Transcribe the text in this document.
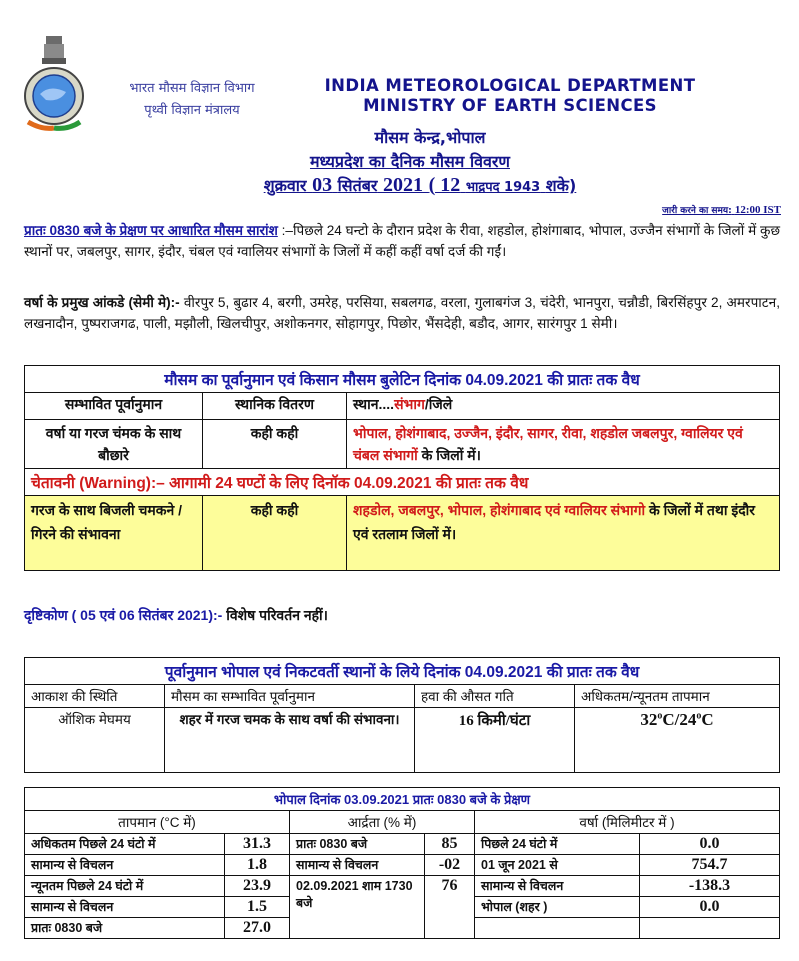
भारत मौसम विज्ञान विभाग
पृथ्वी विज्ञान मंत्रालय
INDIA METEOROLOGICAL DEPARTMENT
MINISTRY OF EARTH SCIENCES
मौसम केन्द्र,भोपाल
मध्यप्रदेश का दैनिक मौसम विवरण
शुक्रवार 03 सितंबर 2021 ( 12 भाद्रपद 1943 शके)
जारी करने का समय: 12:00 IST
प्रातः 0830 बजे के प्रेक्षण पर आधारित मौसम सारांश :–पिछले 24 घन्टो के दौरान प्रदेश के रीवा, शहडोल, होशंगाबाद, भोपाल, उज्जैन संभागों के जिलों में कुछ स्थानों पर, जबलपुर, सागर, इंदौर, चंबल एवं ग्वालियर संभागों के जिलों में कहीं कहीं वर्षा दर्ज की गईं।
वर्षा के प्रमुख आंकडे (सेमी मे):- वीरपुर 5, बुढार 4, बरगी, उमरेह, परसिया, सबलगढ, वरला, गुलाबगंज 3, चंदेरी, भानपुरा, चन्नौडी, बिरसिंहपुर 2, अमरपाटन, लखनादौन, पुष्पराजगढ, पाली, मझौली, खिलचीपुर, अशोकनगर, सोहागपुर, पिछोर, भैंसदेही, बडौद, आगर, सारंगपुर 1 सेमी।
मौसम का पूर्वानुमान एवं किसान मौसम बुलेटिन दिनांक 04.09.2021 की प्रातः तक वैध		
सम्भावित पूर्वानुमान	स्थानिक वितरण	स्थान....संभाग/जिले
वर्षा या गरज चंमक के साथ बौछारे	कही कही	भोपाल, होशंगाबाद, उज्जैन, इंदौर, सागर, रीवा, शहडोल जबलपुर, ग्वालियर एवं चंबल संभागों के जिलों में।
चेतावनी (Warning):– आगामी 24 घण्टों के लिए दिनॉक 04.09.2021 की प्रातः तक वैध		
गरज के साथ बिजली चमकने / गिरने की संभावना	कही कही	शहडोल, जबलपुर, भोपाल, होशंगाबाद एवं ग्वालियर संभागो के जिलों में तथा इंदौर एवं रतलाम जिलों में।
दृष्टिकोण ( 05 एवं 06 सितंबर 2021):- विशेष परिवर्तन नहीं।
पूर्वानुमान भोपाल एवं निकटवर्ती स्थानों के लिये दिनांक 04.09.2021 की प्रातः तक वैध			
आकाश की स्थिति	मौसम का सम्भावित पूर्वानुमान	हवा की औसत गति	अधिकतम/न्यूनतम तापमान
ऑशिक मेघमय	शहर में गरज चमक के साथ वर्षा की संभावना।	16 किमी/घंटा	32$^o$C/24$^o$C
भोपाल दिनांक 03.09.2021 प्रातः 0830 बजे के प्रेक्षण					
तापमान (°C में)		आर्द्रता (% में)		वर्षा (मिलिमीटर में )	
अधिकतम पिछले 24 घंटो में	31.3	प्रातः 0830 बजे	85	पिछले 24 घंटो में	0.0
सामान्य से विचलन	1.8	सामान्य से विचलन	-02	01 जून 2021 से	754.7
न्यूनतम पिछले 24 घंटो में	23.9	02.09.2021 शाम 1730 बजे	76	सामान्य से विचलन	-138.3
सामान्य से विचलन	1.5			भोपाल (शहर )	0.0
प्रातः 0830 बजे	27.0				
